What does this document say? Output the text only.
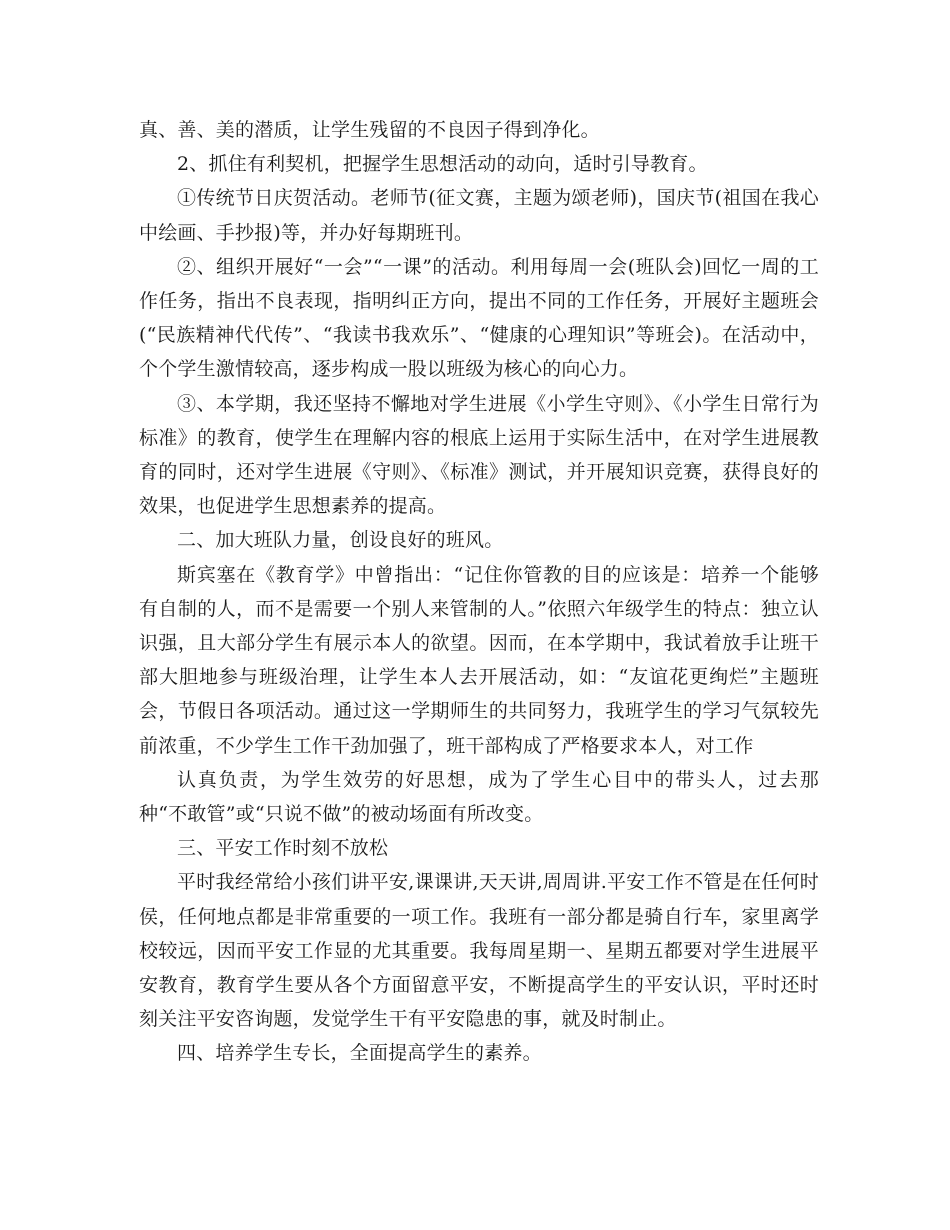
真、善、美的潜质，让学生残留的不良因子得到净化。

2、抓住有利契机，把握学生思想活动的动向，适时引导教育。

①传统节日庆贺活动。老师节(征文赛，主题为颂老师)，国庆节(祖国在我心中绘画、手抄报)等，并办好每期班刊。

②、组织开展好“一会”“一课”的活动。利用每周一会(班队会)回忆一周的工作任务，指出不良表现，指明纠正方向，提出不同的工作任务，开展好主题班会(“民族精神代代传”、“我读书我欢乐”、“健康的心理知识”等班会)。在活动中，个个学生激情较高，逐步构成一股以班级为核心的向心力。

③、本学期，我还坚持不懈地对学生进展《小学生守则》、《小学生日常行为标准》的教育，使学生在理解内容的根底上运用于实际生活中，在对学生进展教育的同时，还对学生进展《守则》、《标准》测试，并开展知识竞赛，获得良好的效果，也促进学生思想素养的提高。

二、加大班队力量，创设良好的班风。

斯宾塞在《教育学》中曾指出：“记住你管教的目的应该是：培养一个能够有自制的人，而不是需要一个别人来管制的人。”依照六年级学生的特点：独立认识强，且大部分学生有展示本人的欲望。因而，在本学期中，我试着放手让班干部大胆地参与班级治理，让学生本人去开展活动，如：“友谊花更绚烂”主题班会，节假日各项活动。通过这一学期师生的共同努力，我班学生的学习气氛较先前浓重，不少学生工作干劲加强了，班干部构成了严格要求本人，对工作

认真负责，为学生效劳的好思想，成为了学生心目中的带头人，过去那种“不敢管”或“只说不做”的被动场面有所改变。

三、平安工作时刻不放松

平时我经常给小孩们讲平安,课课讲,天天讲,周周讲.平安工作不管是在任何时侯，任何地点都是非常重要的一项工作。我班有一部分都是骑自行车，家里离学校较远，因而平安工作显的尤其重要。我每周星期一、星期五都要对学生进展平安教育，教育学生要从各个方面留意平安，不断提高学生的平安认识，平时还时刻关注平安咨询题，发觉学生干有平安隐患的事，就及时制止。

四、培养学生专长，全面提高学生的素养。
